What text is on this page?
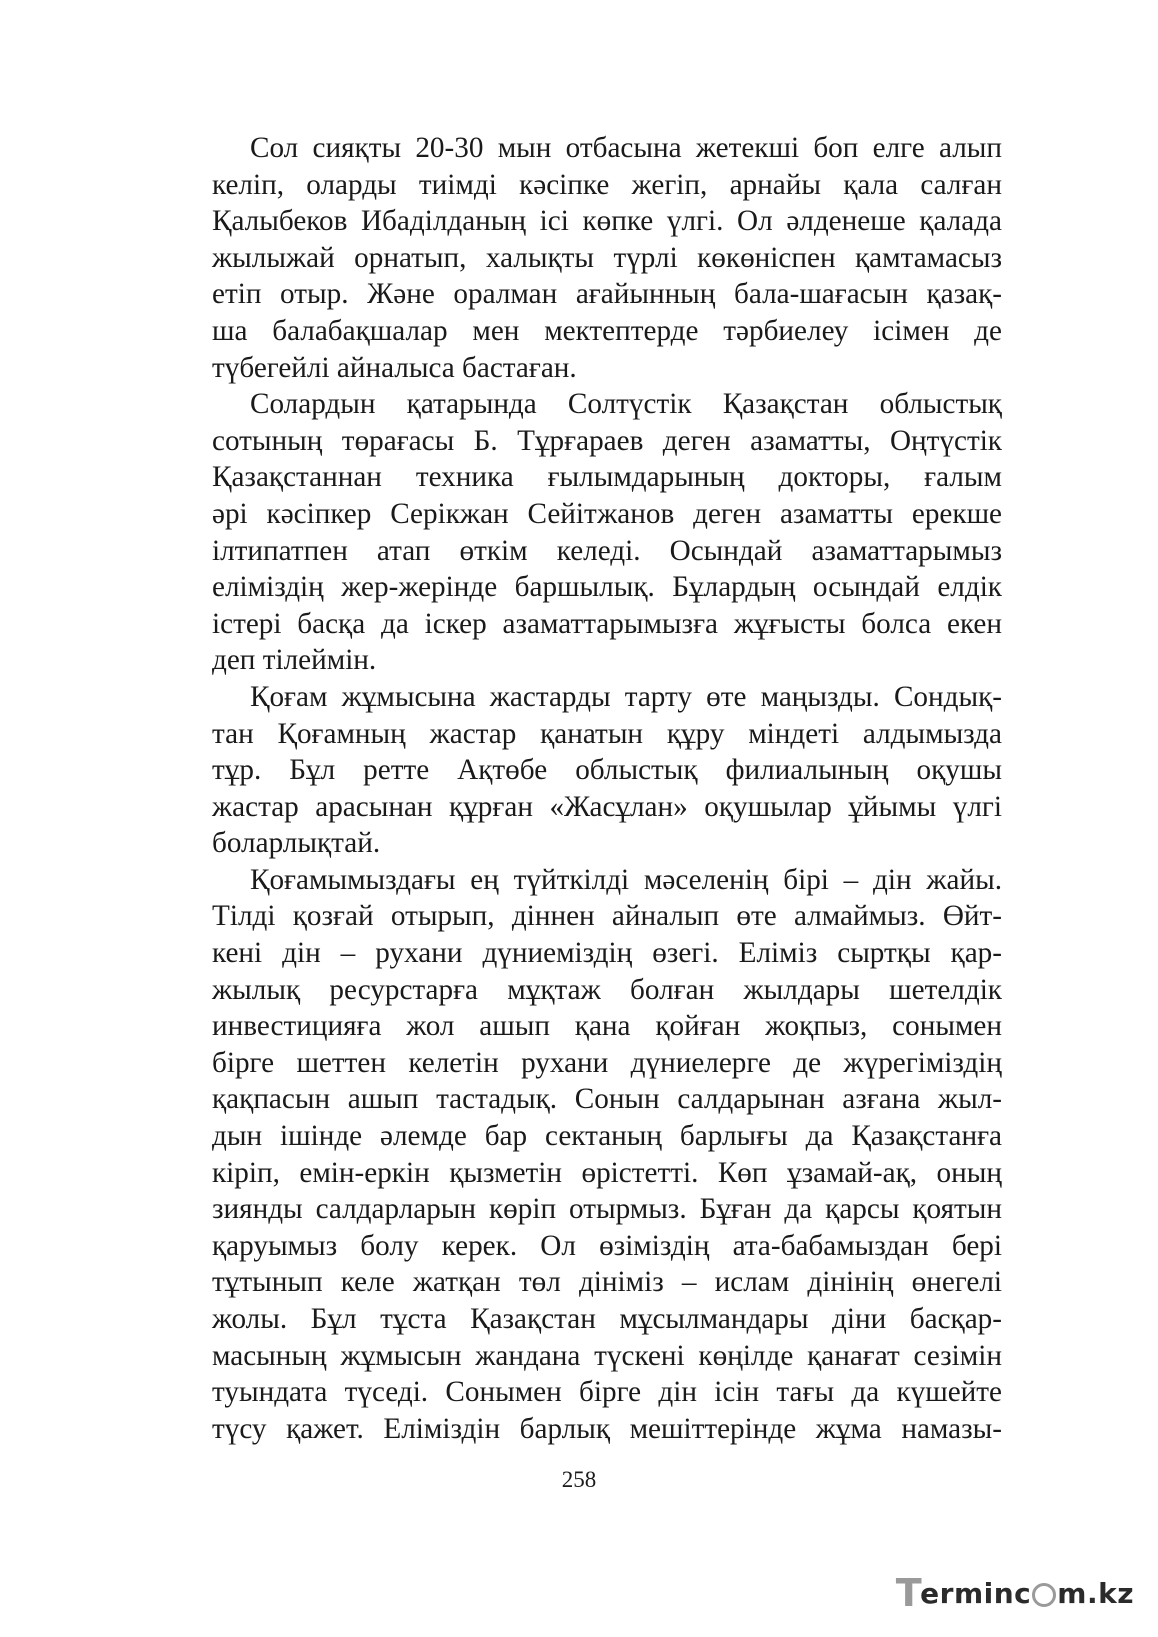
Сол сияқты 20-30 мын отбасына жетекші боп елге алып
келіп, оларды тиімді кәсіпке жегіп, арнайы қала салған
Қалыбеков Ибаділданың ісі көпке үлгі. Ол әлденеше қалада
жылыжай орнатып, халықты түрлі көкөніспен қамтамасыз
етіп отыр. Және оралман ағайынның бала-шағасын қазақ-
ша балабақшалар мен мектептерде тәрбиелеу ісімен де
түбегейлі айналыса бастаған.

Солардын қатарында Солтүстік Қазақстан облыстық
сотының төрағасы Б. Тұрғараев деген азаматты, Оңтүстік
Қазақстаннан техника ғылымдарының докторы, ғалым
әрі кәсіпкер Серікжан Сейітжанов деген азаматты ерекше
ілтипатпен атап өткім келеді. Осындай азаматтарымыз
еліміздің жер-жерінде баршылық. Бұлардың осындай елдік
істері басқа да іскер азаматтарымызға жұғысты болса екен
деп тілеймін.

Қоғам жұмысына жастарды тарту өте маңызды. Сондық-
тан Қоғамның жастар қанатын құру міндеті алдымызда
тұр. Бұл ретте Ақтөбе облыстық филиалының оқушы
жастар арасынан құрған «Жасұлан» оқушылар ұйымы үлгі
боларлықтай.

Қоғамымыздағы ең түйткілді мәселенің бірі – дін жайы.
Тілді қозғай отырып, діннен айналып өте алмаймыз. Өйт-
кені дін – рухани дүниеміздің өзегі. Еліміз сыртқы қар-
жылық ресурстарға мұқтаж болған жылдары шетелдік
инвестицияға жол ашып қана қойған жоқпыз, сонымен
бірге шеттен келетін рухани дүниелерге де жүрегіміздің
қақпасын ашып тастадық. Сонын салдарынан азғана жыл-
дын ішінде әлемде бар сектаның барлығы да Қазақстанға
кіріп, емін-еркін қызметін өрістетті. Көп ұзамай-ақ, оның
зиянды салдарларын көріп отырмыз. Бұған да қарсы қоятын
қаруымыз болу керек. Ол өзіміздің ата-бабамыздан бері
тұтынып келе жатқан төл дініміз – ислам дінінің өнегелі
жолы. Бұл тұста Қазақстан мұсылмандары діни басқар-
масының жұмысын жандана түскені көңілде қанағат сезімін
туындата түседі. Сонымен бірге дін ісін тағы да күшейте
түсу қажет. Еліміздін барлық мешіттерінде жұма намазы-

258
T
erminc m.kz
